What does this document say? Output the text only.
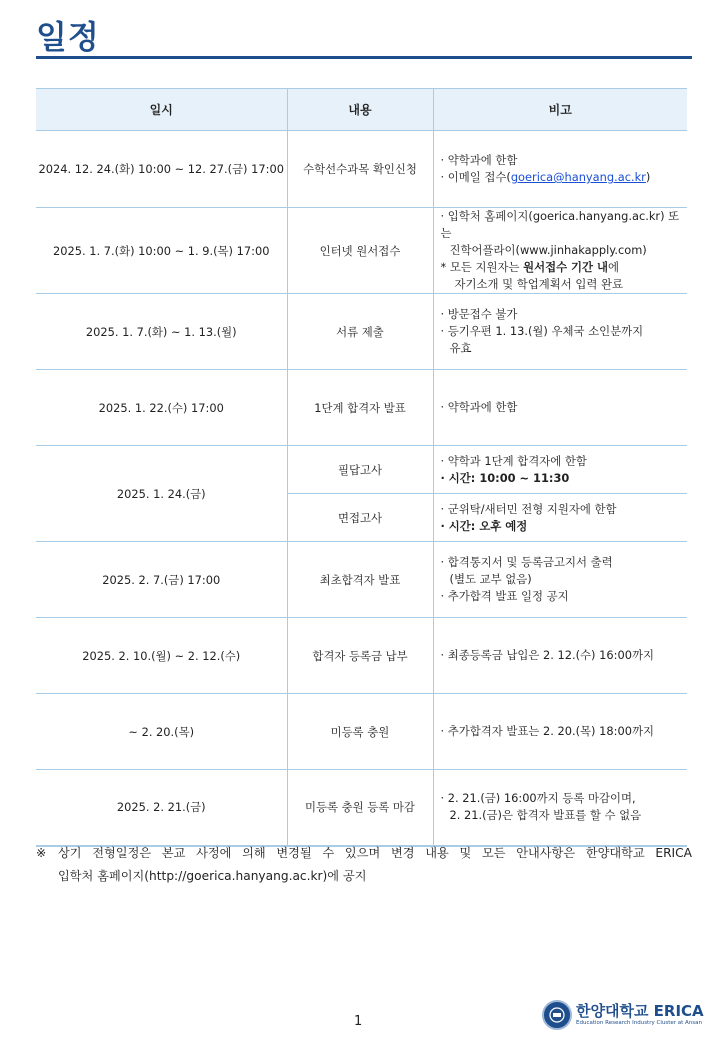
일정
일시	내용	비고
2024. 12. 24.(화) 10:00 ~ 12. 27.(금) 17:00	수학선수과목 확인신청	· 약학과에 한함
· 이메일 접수(goerica@hanyang.ac.kr)

2025. 1. 7.(화) 10:00 ~ 1. 9.(목) 17:00	인터넷 원서접수	· 입학처 홈페이지(goerica.hanyang.ac.kr) 또는
진학어플라이(www.jinhakapply.com)
* 모든 지원자는 원서접수 기간 내에
자기소개 및 학업계획서 입력 완료

2025. 1. 7.(화) ~ 1. 13.(월)	서류 제출	· 방문접수 불가
· 등기우편 1. 13.(월) 우체국 소인분까지
유효

2025. 1. 22.(수) 17:00	1단계 합격자 발표	· 약학과에 한함

2025. 1. 24.(금)	필답고사	· 약학과 1단계 합격자에 한함
· 시간: 10:00 ~ 11:30

	면접고사	· 군위탁/새터민 전형 지원자에 한함
· 시간: 오후 예정

2025. 2. 7.(금) 17:00	최초합격자 발표	· 합격통지서 및 등록금고지서 출력
(별도 교부 없음)
· 추가합격 발표 일정 공지

2025. 2. 10.(월) ~ 2. 12.(수)	합격자 등록금 납부	· 최종등록금 납입은 2. 12.(수) 16:00까지

~ 2. 20.(목)	미등록 충원	· 추가합격자 발표는 2. 20.(목) 18:00까지

2025. 2. 21.(금)	미등록 충원 등록 마감	· 2. 21.(금) 16:00까지 등록 마감이며,
2. 21.(금)은 합격자 발표를 할 수 없음
※ 상기 전형일정은 본교 사정에 의해 변경될 수 있으며 변경 내용 및 모든 안내사항은 한양대학교 ERICA
입학처 홈페이지(http://goerica.hanyang.ac.kr)에 공지
1
한양대학교 ERICA
Education Research Industry Cluster at Ansan
